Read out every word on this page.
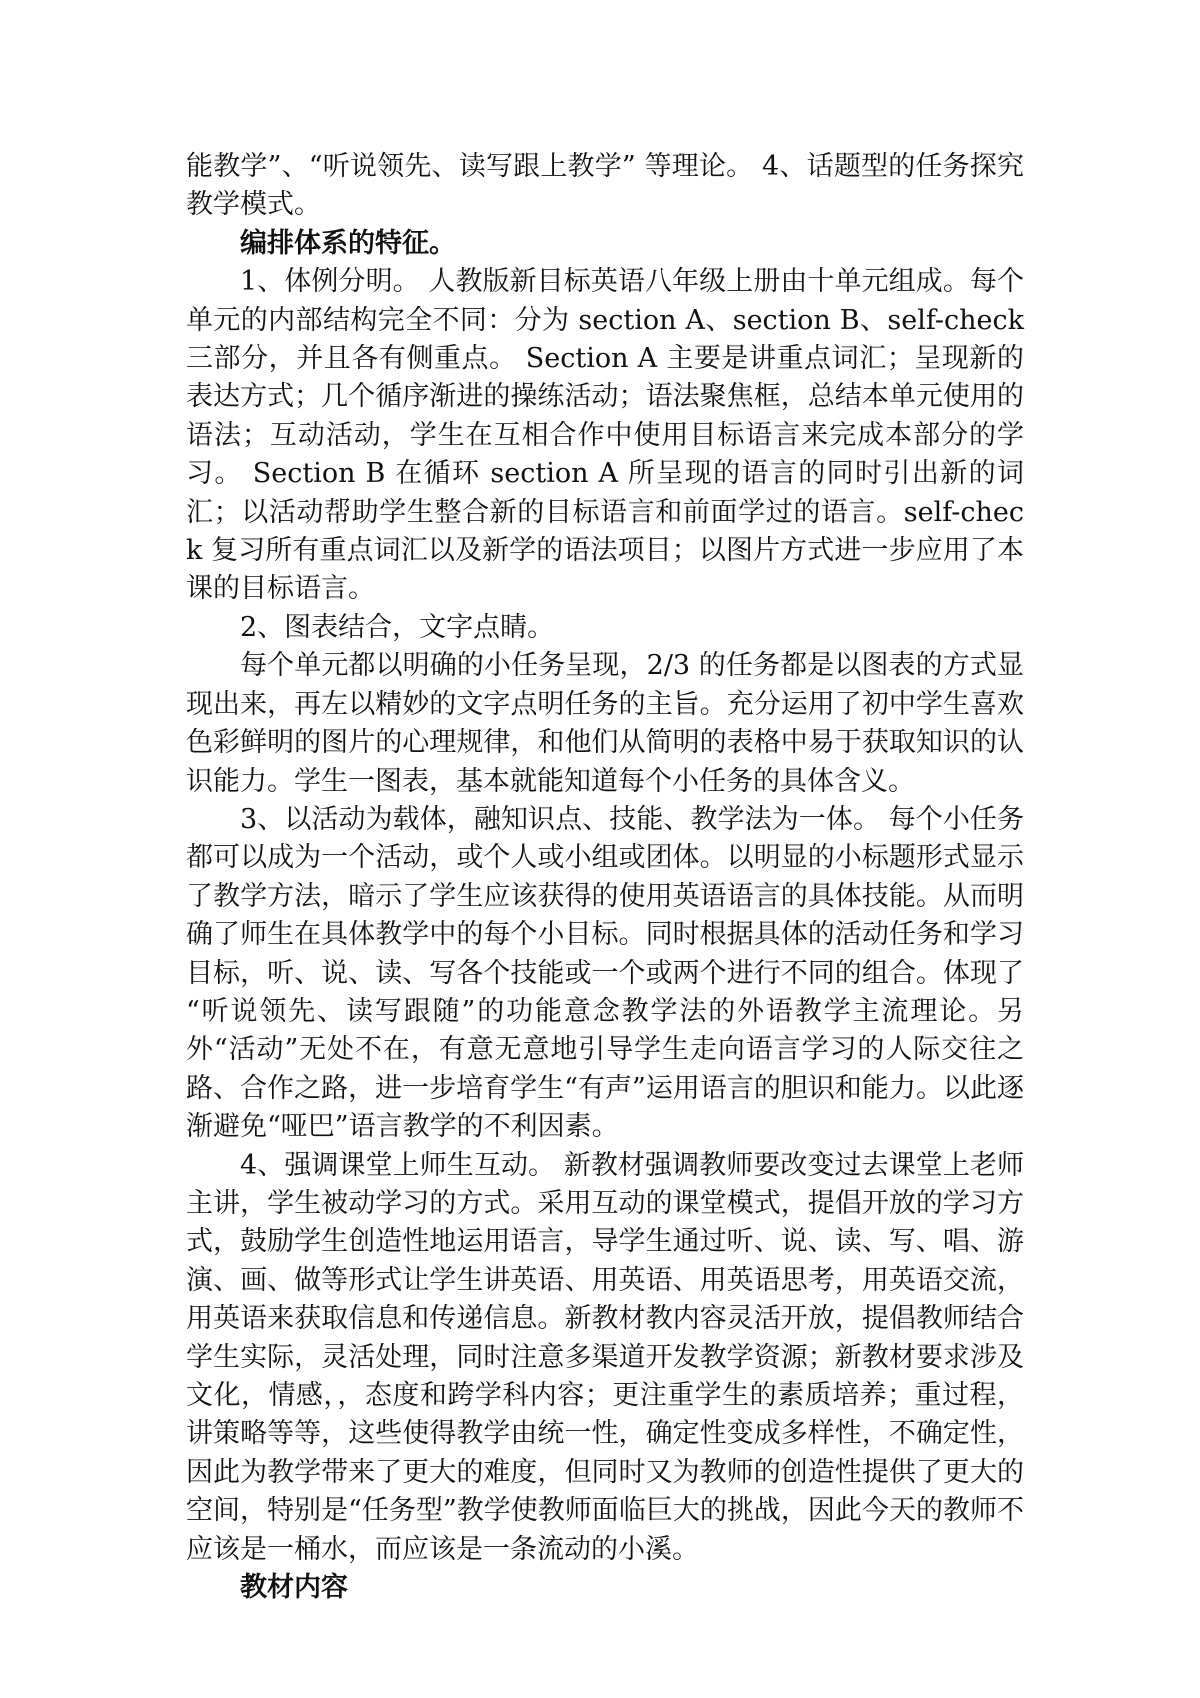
能教学”、“听说领先、读写跟上教学” 等理论。 4、话题型的任务探究教学模式。

编排体系的特征。

1、体例分明。 人教版新目标英语八年级上册由十单元组成。每个单元的内部结构完全不同：分为 section A、section B、self-check 三部分，并且各有侧重点。 Section A 主要是讲重点词汇；呈现新的表达方式；几个循序渐进的操练活动；语法聚焦框，总结本单元使用的语法；互动活动，学生在互相合作中使用目标语言来完成本部分的学习。 Section B 在循环 section A 所呈现的语言的同时引出新的词汇；以活动帮助学生整合新的目标语言和前面学过的语言。self-check 复习所有重点词汇以及新学的语法项目；以图片方式进一步应用了本课的目标语言。

2、图表结合，文字点睛。

每个单元都以明确的小任务呈现，2/3 的任务都是以图表的方式显现出来，再左以精妙的文字点明任务的主旨。充分运用了初中学生喜欢色彩鲜明的图片的心理规律，和他们从简明的表格中易于获取知识的认识能力。学生一图表，基本就能知道每个小任务的具体含义。

3、以活动为载体，融知识点、技能、教学法为一体。 每个小任务都可以成为一个活动，或个人或小组或团体。以明显的小标题形式显示了教学方法，暗示了学生应该获得的使用英语语言的具体技能。从而明确了师生在具体教学中的每个小目标。同时根据具体的活动任务和学习目标，听、说、读、写各个技能或一个或两个进行不同的组合。体现了 “听说领先、读写跟随”的功能意念教学法的外语教学主流理论。另外“活动”无处不在，有意无意地引导学生走向语言学习的人际交往之路、合作之路，进一步培育学生“有声”运用语言的胆识和能力。以此逐渐避免“哑巴”语言教学的不利因素。

4、强调课堂上师生互动。 新教材强调教师要改变过去课堂上老师主讲，学生被动学习的方式。采用互动的课堂模式，提倡开放的学习方式，鼓励学生创造性地运用语言，导学生通过听、说、读、写、唱、游演、画、做等形式让学生讲英语、用英语、用英语思考，用英语交流，用英语来获取信息和传递信息。新教材教内容灵活开放，提倡教师结合学生实际，灵活处理，同时注意多渠道开发教学资源；新教材要求涉及文化，情感，，态度和跨学科内容；更注重学生的素质培养；重过程，讲策略等等，这些使得教学由统一性，确定性变成多样性，不确定性，因此为教学带来了更大的难度，但同时又为教师的创造性提供了更大的空间，特别是“任务型”教学使教师面临巨大的挑战，因此今天的教师不应该是一桶水，而应该是一条流动的小溪。

教材内容
